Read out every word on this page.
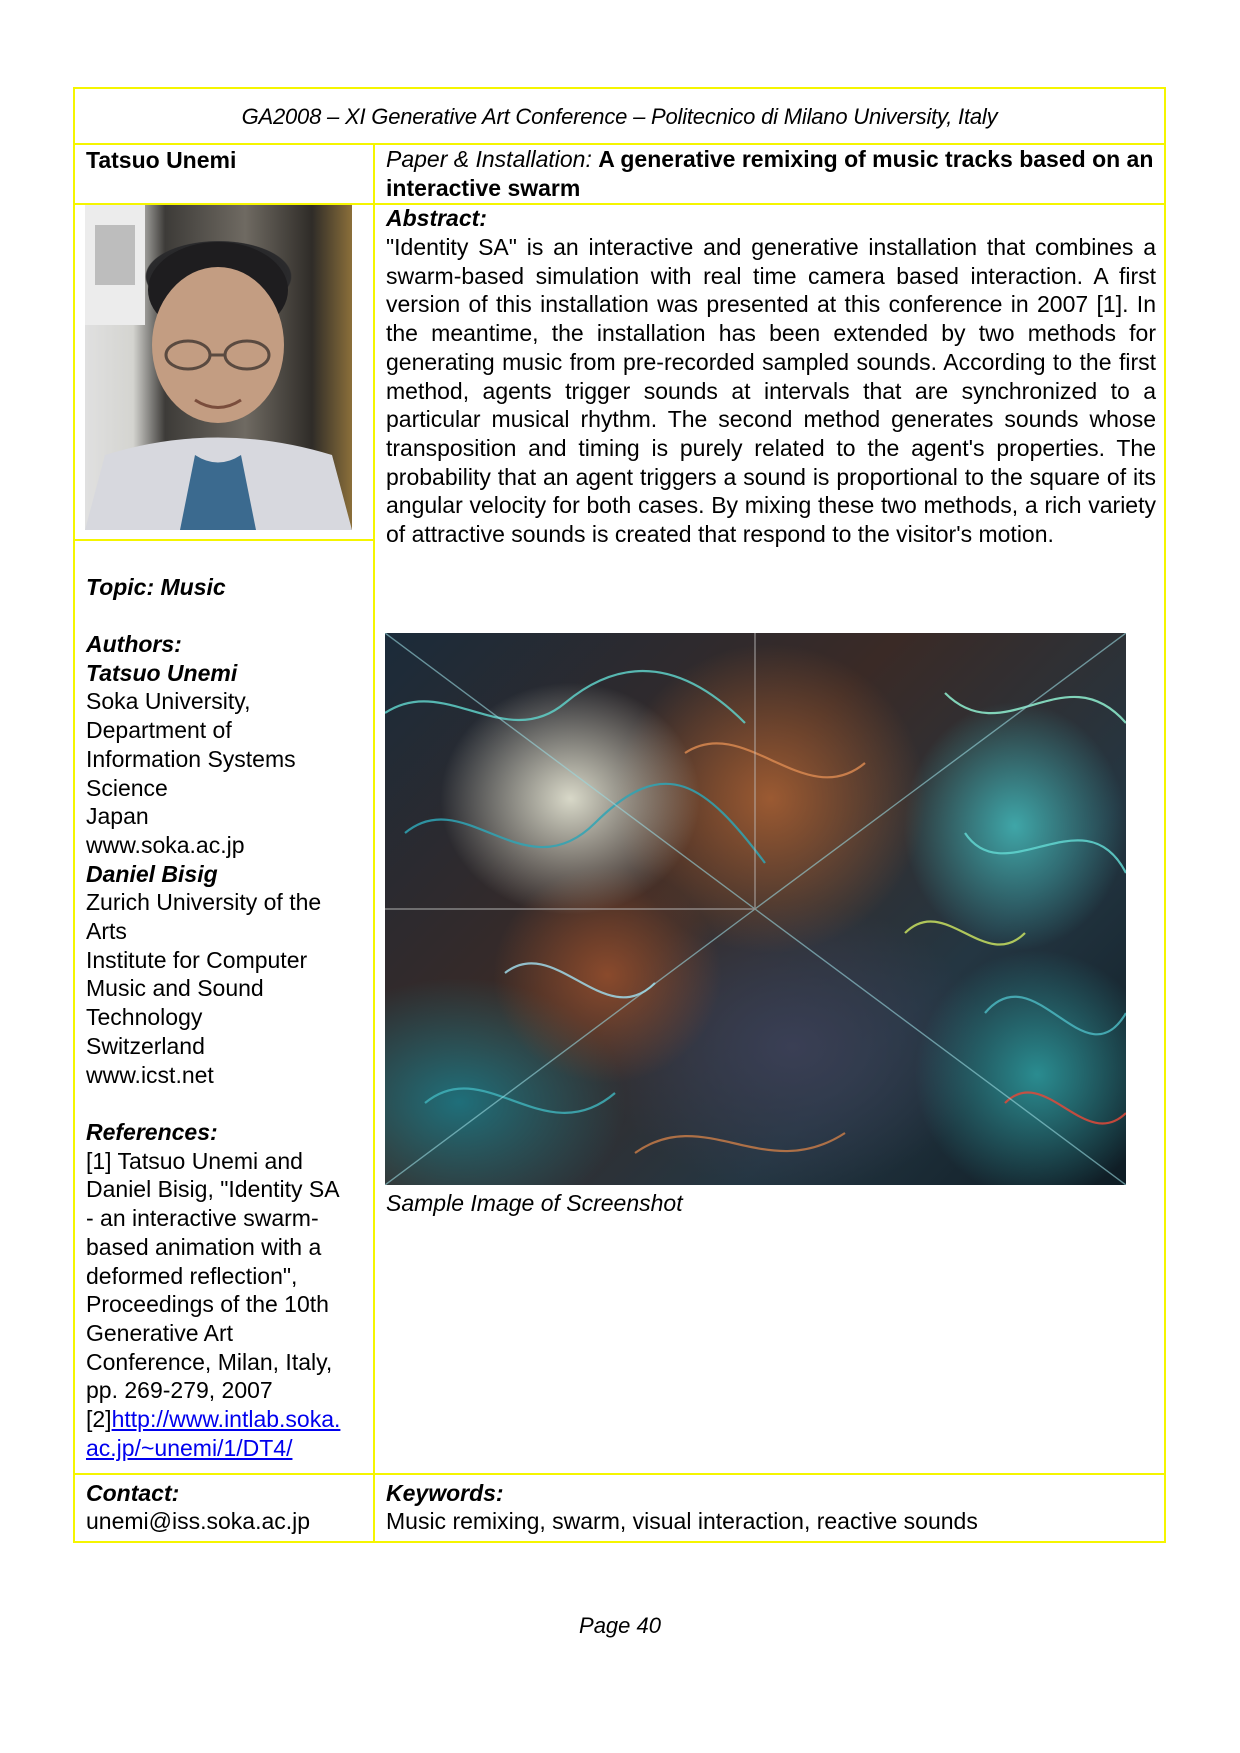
GA2008 – XI Generative Art Conference – Politecnico di Milano University, Italy
Tatsuo Unemi	Paper & Installation: A generative remixing of music tracks based on an interactive swarm
Abstract:
"Identity SA" is an interactive and generative installation that combines a swarm-based simulation with real time camera based interaction. A first version of this installation was presented at this conference in 2007 [1]. In the meantime, the installation has been extended by two methods for generating music from pre-recorded sampled sounds. According to the first method, agents trigger sounds at intervals that are synchronized to a particular musical rhythm. The second method generates sounds whose transposition and timing is purely related to the agent's properties. The probability that an agent triggers a sound is proportional to the square of its angular velocity for both cases. By mixing these two methods, a rich variety of attractive sounds is created that respond to the visitor's motion.
Topic: Music
Authors:
Tatsuo Unemi
Soka University,
Department of
Information Systems
Science
Japan
www.soka.ac.jp
Daniel Bisig
Zurich University of the
Arts
Institute for Computer
Music and Sound
Technology
Switzerland
www.icst.net
References:
[1] Tatsuo Unemi and
Daniel Bisig, "Identity SA
- an interactive swarm-
based animation with a
deformed reflection",
Proceedings of the 10th
Generative Art
Conference, Milan, Italy,
pp. 269-279, 2007
[2]http://www.intlab.soka.
ac.jp/~unemi/1/DT4/
Sample Image of Screenshot
Contact:
unemi@iss.soka.ac.jp
Keywords:
Music remixing, swarm, visual interaction, reactive sounds
Page 40
